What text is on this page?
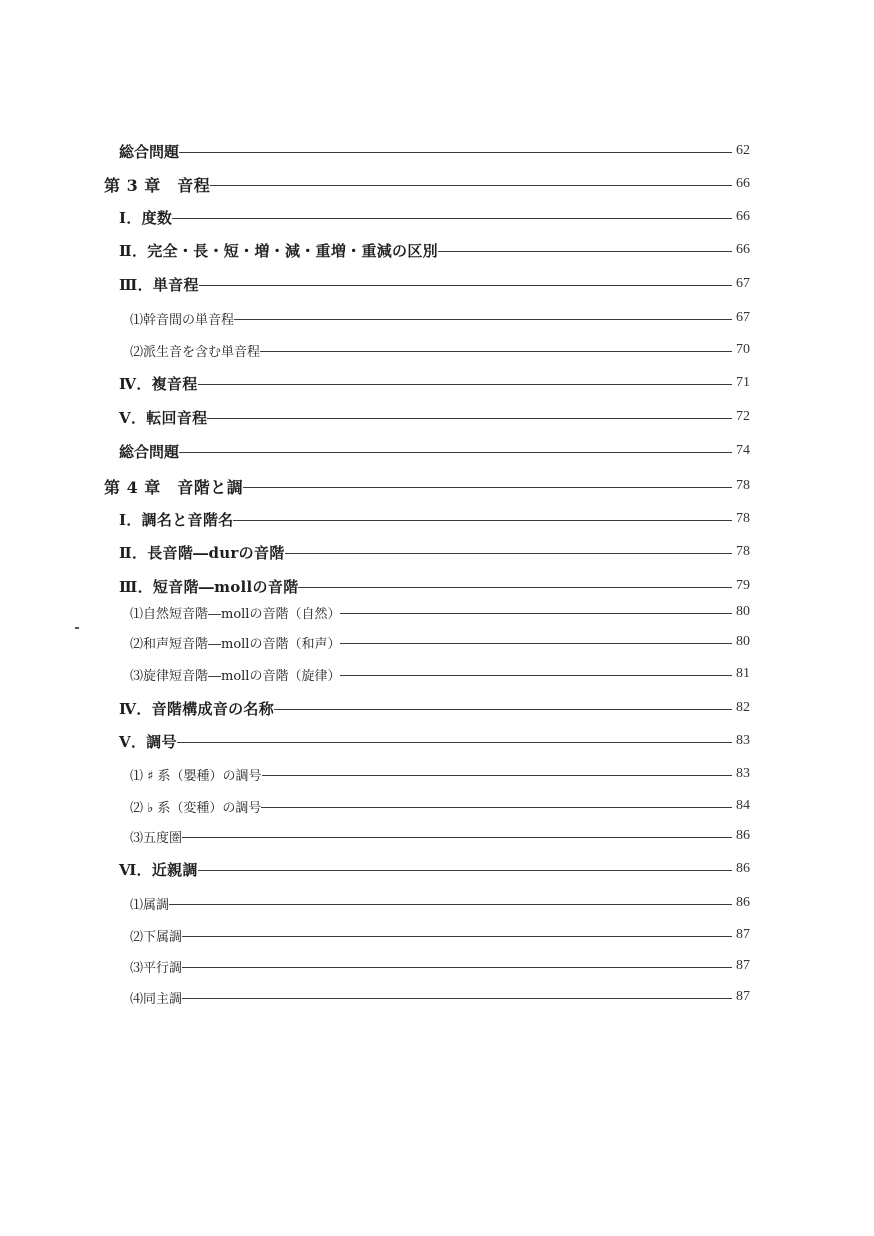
総合問題	62
第 3 章　音程	66
Ⅰ．度数	66
Ⅱ．完全・長・短・増・減・重増・重減の区別	66
Ⅲ．単音程	67
⑴幹音間の単音程	67
⑵派生音を含む単音程	70
Ⅳ．複音程	71
Ⅴ．転回音程	72
総合問題	74
第 4 章　音階と調	78
Ⅰ．調名と音階名	78
Ⅱ．長音階―durの音階	78
Ⅲ．短音階―mollの音階	79
⑴自然短音階―mollの音階（自然）	80
⑵和声短音階―mollの音階（和声）	80
⑶旋律短音階―mollの音階（旋律）	81
Ⅳ．音階構成音の名称	82
Ⅴ．調号	83
⑴ ♯ 系（嬰種）の調号	83
⑵ ♭ 系（変種）の調号	84
⑶五度圏	86
Ⅵ．近親調	86
⑴属調	86
⑵下属調	87
⑶平行調	87
⑷同主調	87
